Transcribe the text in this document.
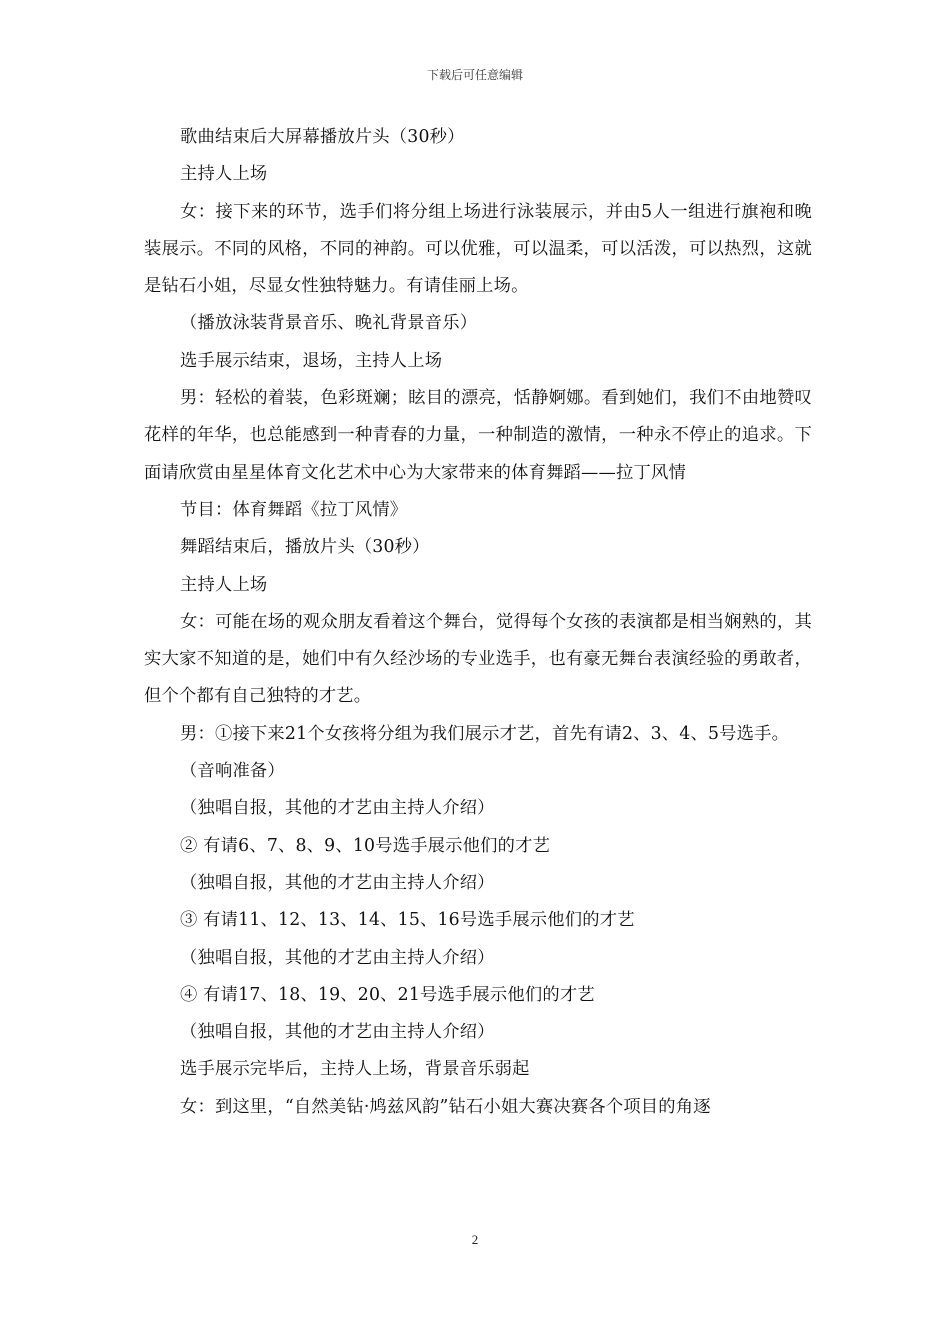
下载后可任意编辑

歌曲结束后大屏幕播放片头（30秒）

主持人上场

女：接下来的环节，选手们将分组上场进行泳装展示，并由5人一组进行旗袍和晚装展示。不同的风格，不同的神韵。可以优雅，可以温柔，可以活泼，可以热烈，这就是钻石小姐，尽显女性独特魅力。有请佳丽上场。

（播放泳装背景音乐、晚礼背景音乐）

选手展示结束，退场，主持人上场

男：轻松的着装，色彩斑斓；眩目的漂亮，恬静婀娜。看到她们，我们不由地赞叹花样的年华，也总能感到一种青春的力量，一种制造的激情，一种永不停止的追求。下面请欣赏由星星体育文化艺术中心为大家带来的体育舞蹈——拉丁风情

节目：体育舞蹈《拉丁风情》

舞蹈结束后，播放片头（30秒）

主持人上场

女：可能在场的观众朋友看着这个舞台，觉得每个女孩的表演都是相当娴熟的，其实大家不知道的是，她们中有久经沙场的专业选手，也有豪无舞台表演经验的勇敢者，但个个都有自己独特的才艺。

男：①接下来21个女孩将分组为我们展示才艺，首先有请2、3、4、5号选手。

（音响准备）

（独唱自报，其他的才艺由主持人介绍）

② 有请6、7、8、9、10号选手展示他们的才艺

（独唱自报，其他的才艺由主持人介绍）

③ 有请11、12、13、14、15、16号选手展示他们的才艺

（独唱自报，其他的才艺由主持人介绍）

④ 有请17、18、19、20、21号选手展示他们的才艺

（独唱自报，其他的才艺由主持人介绍）

选手展示完毕后，主持人上场，背景音乐弱起

女：到这里，“自然美钻·鸠兹风韵”钻石小姐大赛决赛各个项目的角逐

2
